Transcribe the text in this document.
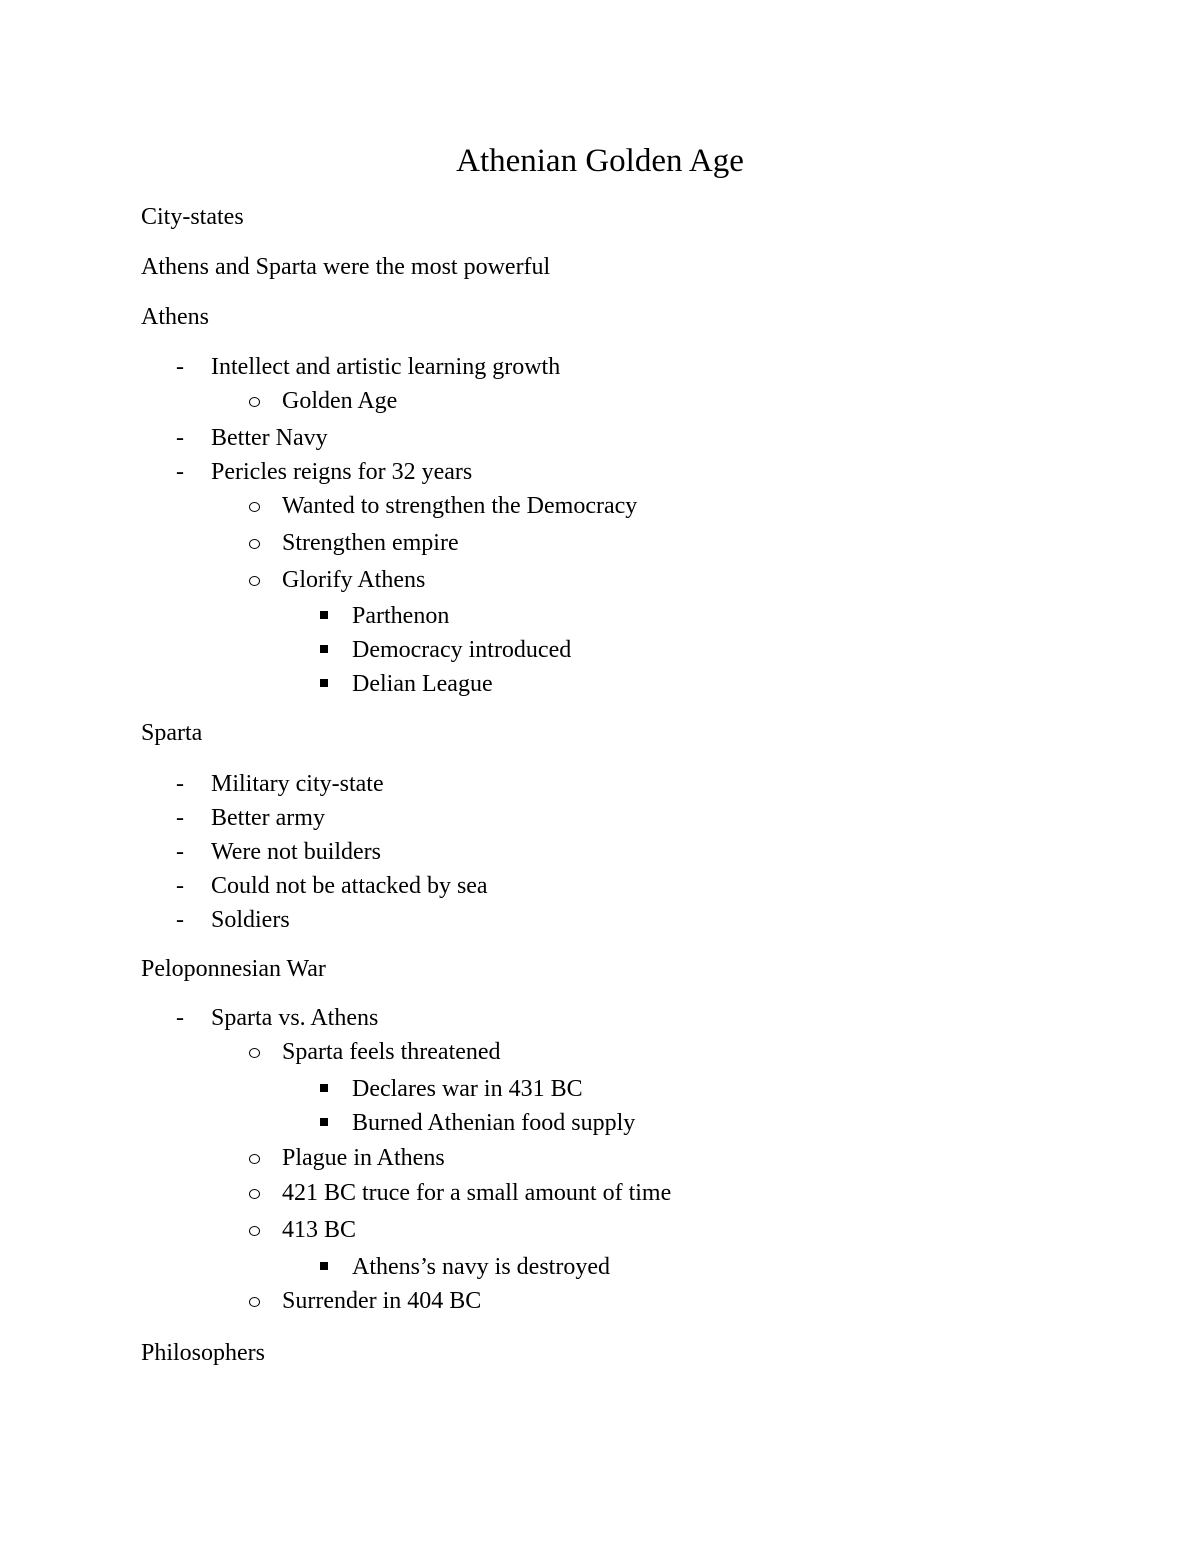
Athenian Golden Age
City-states
Athens and Sparta were the most powerful
Athens
- Intellect and artistic learning growth
Golden Age
- Better Navy
- Pericles reigns for 32 years
Wanted to strengthen the Democracy
Strengthen empire
Glorify Athens
Parthenon
Democracy introduced
Delian League
Sparta
- Military city-state
- Better army
- Were not builders
- Could not be attacked by sea
- Soldiers
Peloponnesian War
- Sparta vs. Athens
Sparta feels threatened
Declares war in 431 BC
Burned Athenian food supply
Plague in Athens
421 BC truce for a small amount of time
413 BC
Athens’s navy is destroyed
Surrender in 404 BC
Philosophers
